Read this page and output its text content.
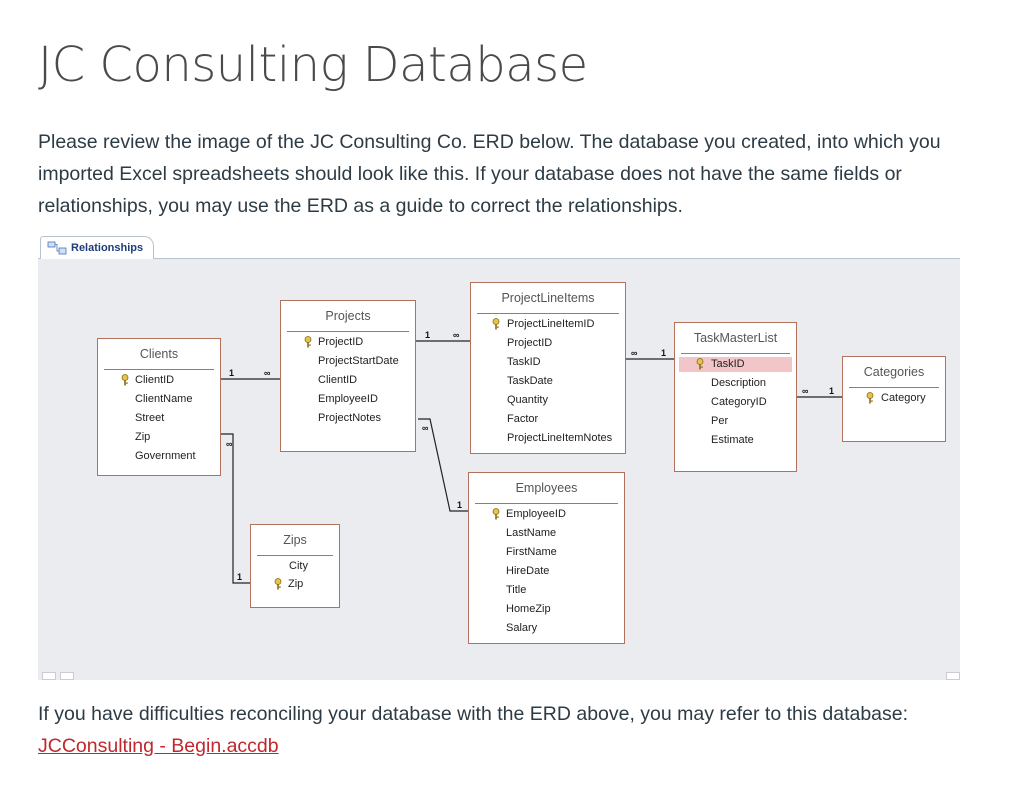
JC Consulting Database

Please review the image of the JC Consulting Co. ERD below. The database you created, into which you imported Excel spreadsheets should look like this. If your database does not have the same fields or relationships, you may use the ERD as a guide to correct the relationships.

Relationships
1	∞
1	∞
∞	1
∞ 1
∞
1
∞
1
Clients
ClientID
ClientName
Street
Zip
Government
Projects
ProjectID
ProjectStartDate
ClientID
EmployeeID
ProjectNotes
ProjectLineItems
ProjectLineItemID
ProjectID
TaskID
TaskDate
Quantity
Factor
ProjectLineItemNotes
TaskMasterList
TaskID
Description
CategoryID
Per
Estimate
Categories
Category
Employees
EmployeeID
LastName
FirstName
HireDate
Title
HomeZip
Salary
Zips
City
Zip

If you have difficulties reconciling your database with the ERD above, you may refer to this database: JCConsulting - Begin.accdb
